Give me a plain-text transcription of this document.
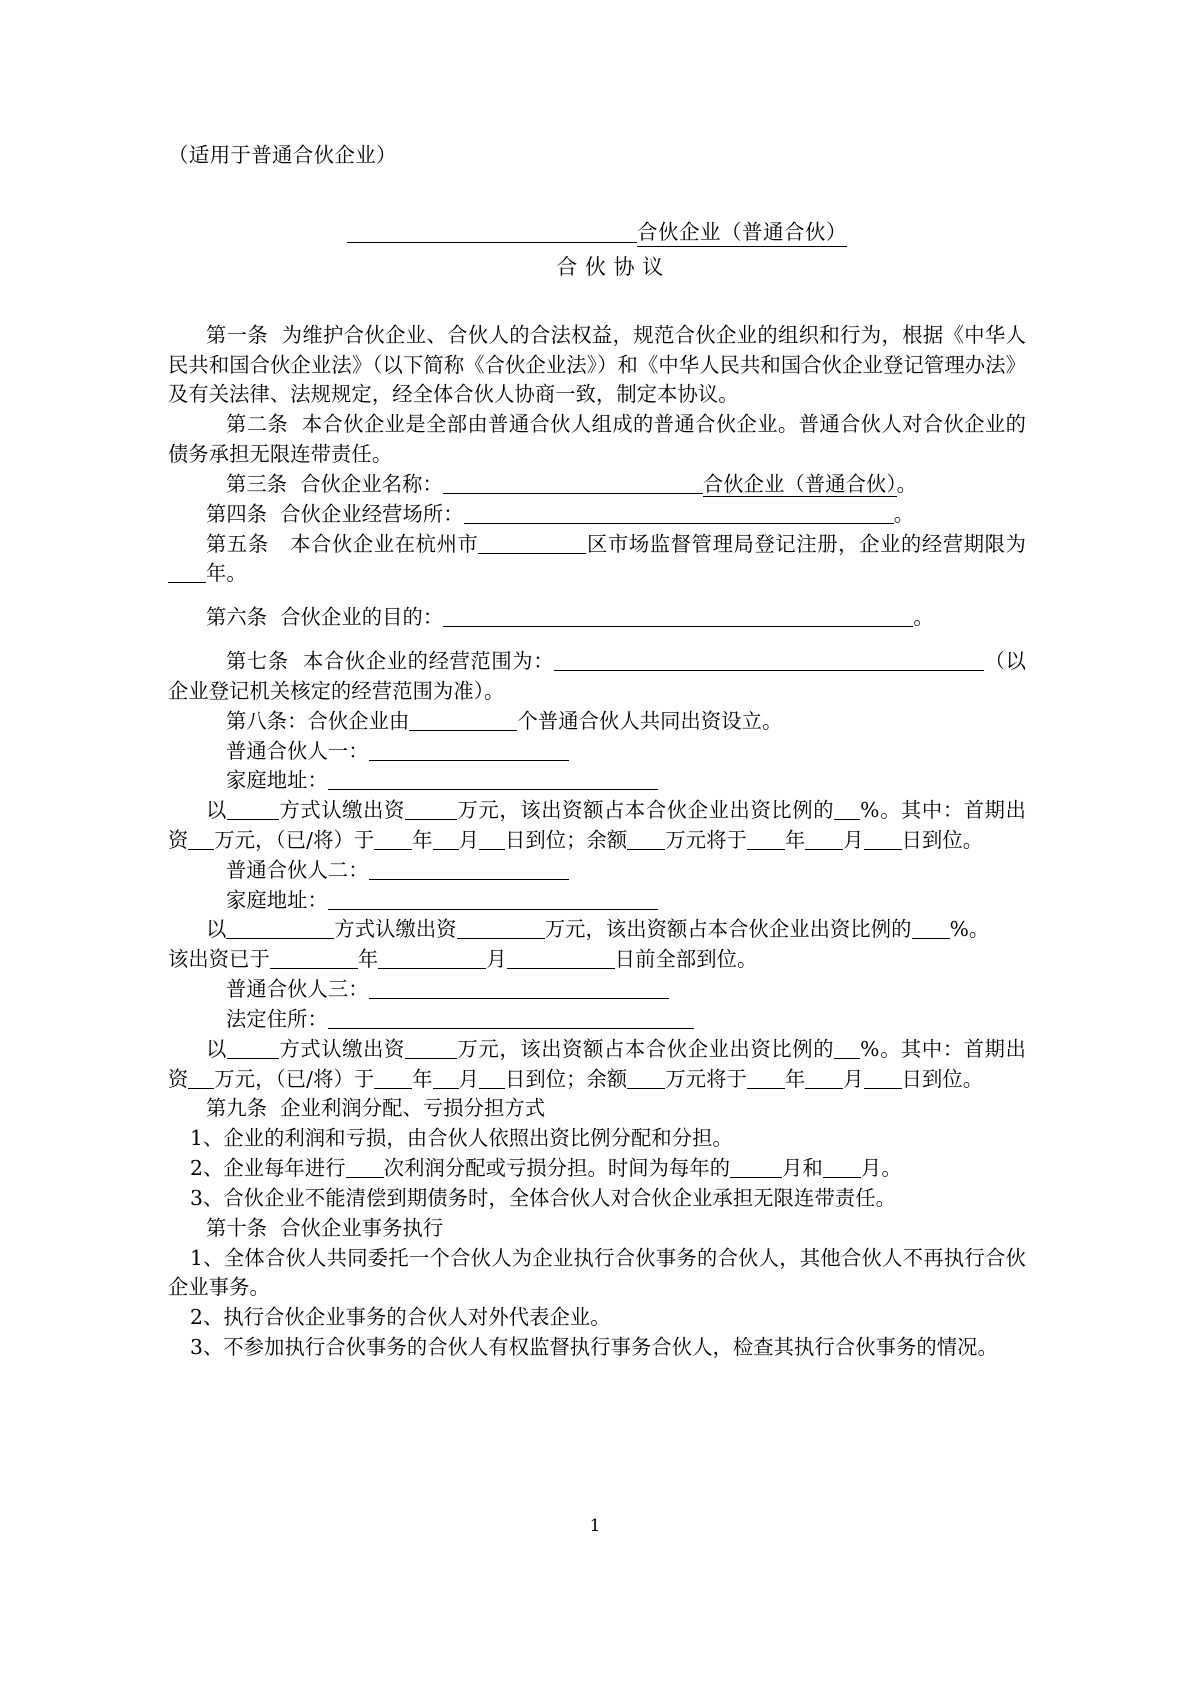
（适用于普通合伙企业）
合伙企业（普通合伙）
合 伙 协 议

第一条 为维护合伙企业、合伙人的合法权益，规范合伙企业的组织和行为，根据《中华人民共和国合伙企业法》（以下简称《合伙企业法》）和《中华人民共和国合伙企业登记管理办法》及有关法律、法规规定，经全体合伙人协商一致，制定本协议。

第二条 本合伙企业是全部由普通合伙人组成的普通合伙企业。普通合伙人对合伙企业的债务承担无限连带责任。

第三条 合伙企业名称：	合伙企业（普通合伙）。

第四条 合伙企业经营场所：	。

第五条 本合伙企业在杭州市	区市场监督管理局登记注册，企业的经营期限为年。

第六条 合伙企业的目的：	。

第七条 本合伙企业的经营范围为：	（以企业登记机关核定的经营范围为准）。

第八条：合伙企业由	个普通合伙人共同出资设立。

普通合伙人一：

家庭地址：

以	方式认缴出资	万元，该出资额占本合伙企业出资比例的 %。其中：首期出资 万元，（已/将）于 年 月 日到位；余额 万元将于 年 月 日到位。

普通合伙人二：

家庭地址：

以	方式认缴出资	万元，该出资额占本合伙企业出资比例的 %。

该出资已于	年	月	日前全部到位。

普通合伙人三：

法定住所：

以	方式认缴出资	万元，该出资额占本合伙企业出资比例的 %。其中：首期出资 万元，（已/将）于 年 月 日到位；余额 万元将于 年 月 日到位。

第九条 企业利润分配、亏损分担方式

1、企业的利润和亏损，由合伙人依照出资比例分配和分担。

2、企业每年进行 次利润分配或亏损分担。时间为每年的	月和 月。

3、合伙企业不能清偿到期债务时，全体合伙人对合伙企业承担无限连带责任。

第十条 合伙企业事务执行

1、全体合伙人共同委托一个合伙人为企业执行合伙事务的合伙人，其他合伙人不再执行合伙企业事务。

2、执行合伙企业事务的合伙人对外代表企业。

3、不参加执行合伙事务的合伙人有权监督执行事务合伙人，检查其执行合伙事务的情况。

1
